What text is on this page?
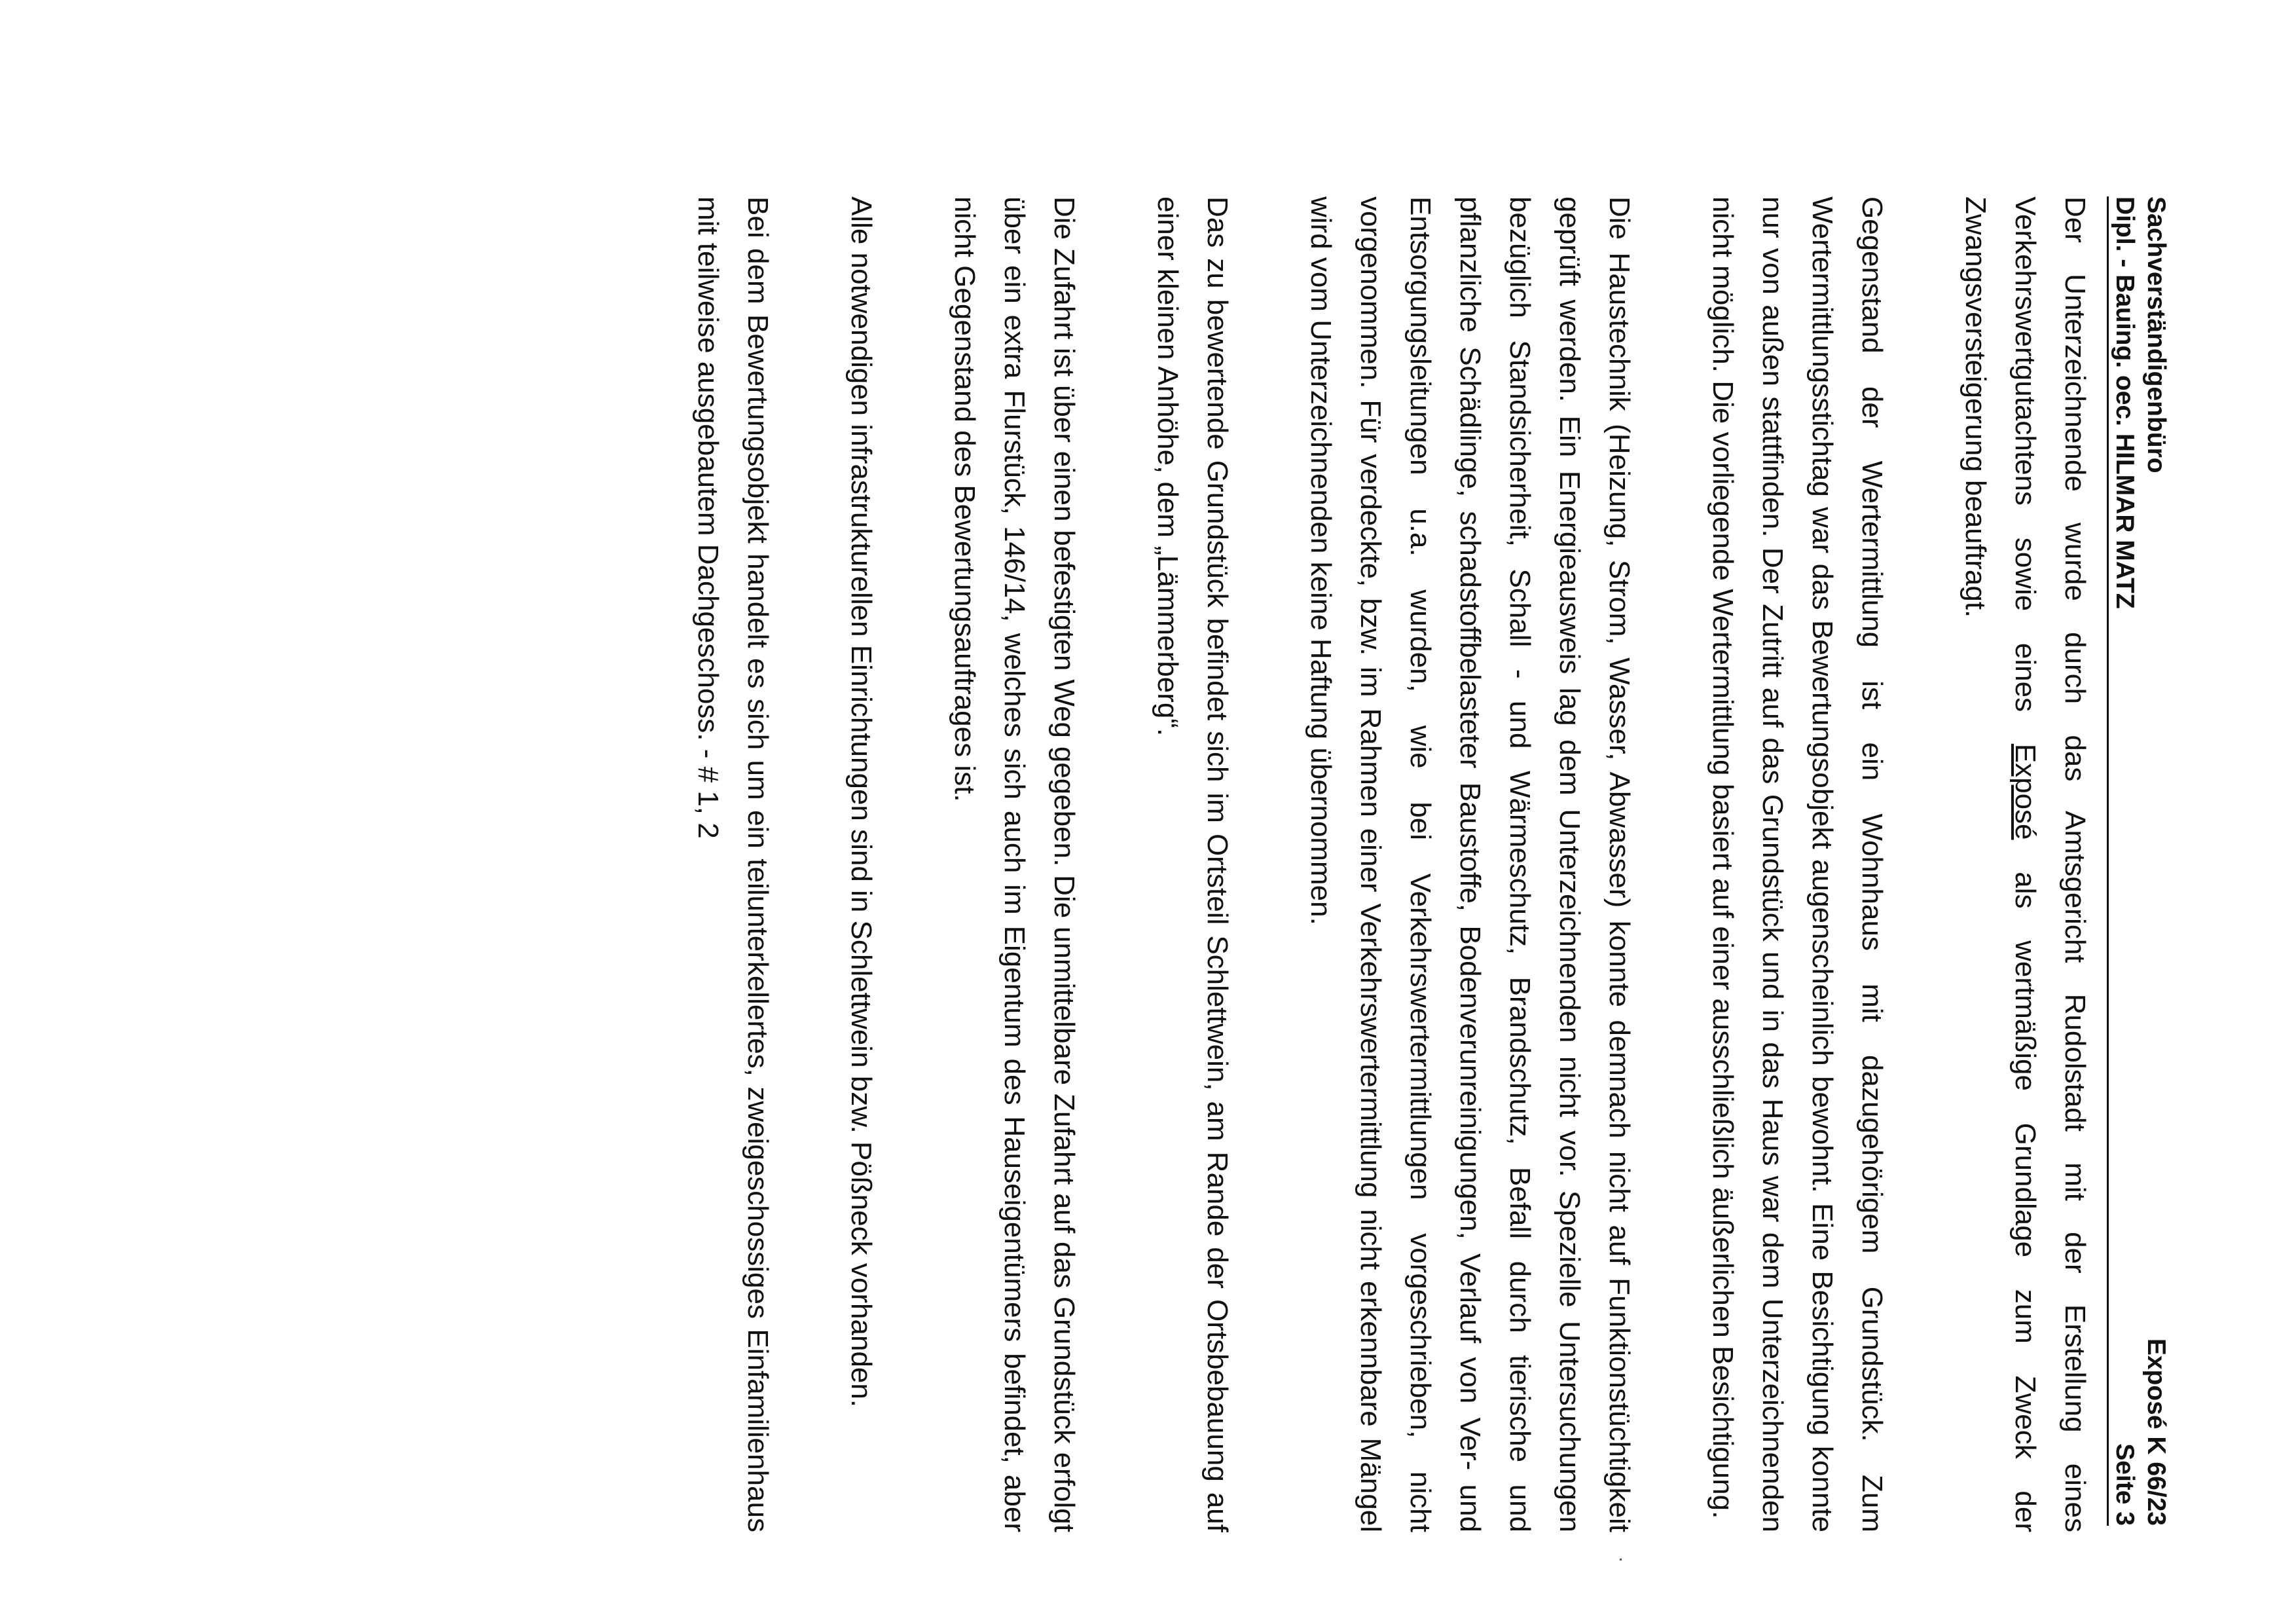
Sachverständigenbüro
Exposé K 66/23
Dipl. - Bauing. oec. HILMAR MATZ
Seite 3

Der Unterzeichnende wurde durch das Amtsgericht Rudolstadt mit der Erstellung eines Verkehrswertgutachtens sowie eines Exposé als wertmäßige Grundlage zum Zweck der Zwangsversteigerung beauftragt.

Gegenstand der Wertermittlung ist ein Wohnhaus mit dazugehörigem Grundstück. Zum Wertermittlungsstichtag war das Bewertungsobjekt augenscheinlich bewohnt. Eine Besichtigung konnte nur von außen stattfinden. Der Zutritt auf das Grundstück und in das Haus war dem Unterzeichnenden nicht möglich. Die vorliegende Wertermittlung basiert auf einer ausschließlich äußerlichen Besichtigung.

Die Haustechnik (Heizung, Strom, Wasser, Abwasser) konnte demnach nicht auf Funktionstüchtigkeit geprüft werden. Ein Energieausweis lag dem Unterzeichnenden nicht vor. Spezielle Untersuchungen bezüglich Standsicherheit, Schall - und Wärmeschutz, Brandschutz, Befall durch tierische und pflanzliche Schädlinge, schadstoffbelasteter Baustoffe, Bodenverunreinigungen, Verlauf von Ver- und Entsorgungsleitungen u.a. wurden, wie bei Verkehrswertermittlungen vorgeschrieben, nicht vorgenommen. Für verdeckte, bzw. im Rahmen einer Verkehrswertermittlung nicht erkennbare Mängel wird vom Unterzeichnenden keine Haftung übernommen.

Das zu bewertende Grundstück befindet sich im Ortsteil Schlettwein, am Rande der Ortsbebauung auf einer kleinen Anhöhe, dem „Lämmerberg“.

Die Zufahrt ist über einen befestigten Weg gegeben. Die unmittelbare Zufahrt auf das Grundstück erfolgt über ein extra Flurstück, 146/14, welches sich auch im Eigentum des Hauseigentümers befindet, aber nicht Gegenstand des Bewertungsauftrages ist.

Alle notwendigen infrastrukturellen Einrichtungen sind in Schlettwein bzw. Pößneck vorhanden.

Bei dem Bewertungsobjekt handelt es sich um ein teilunterkellertes, zweigeschossiges Einfamilienhaus mit teilweise ausgebautem Dachgeschoss. - # 1, 2
